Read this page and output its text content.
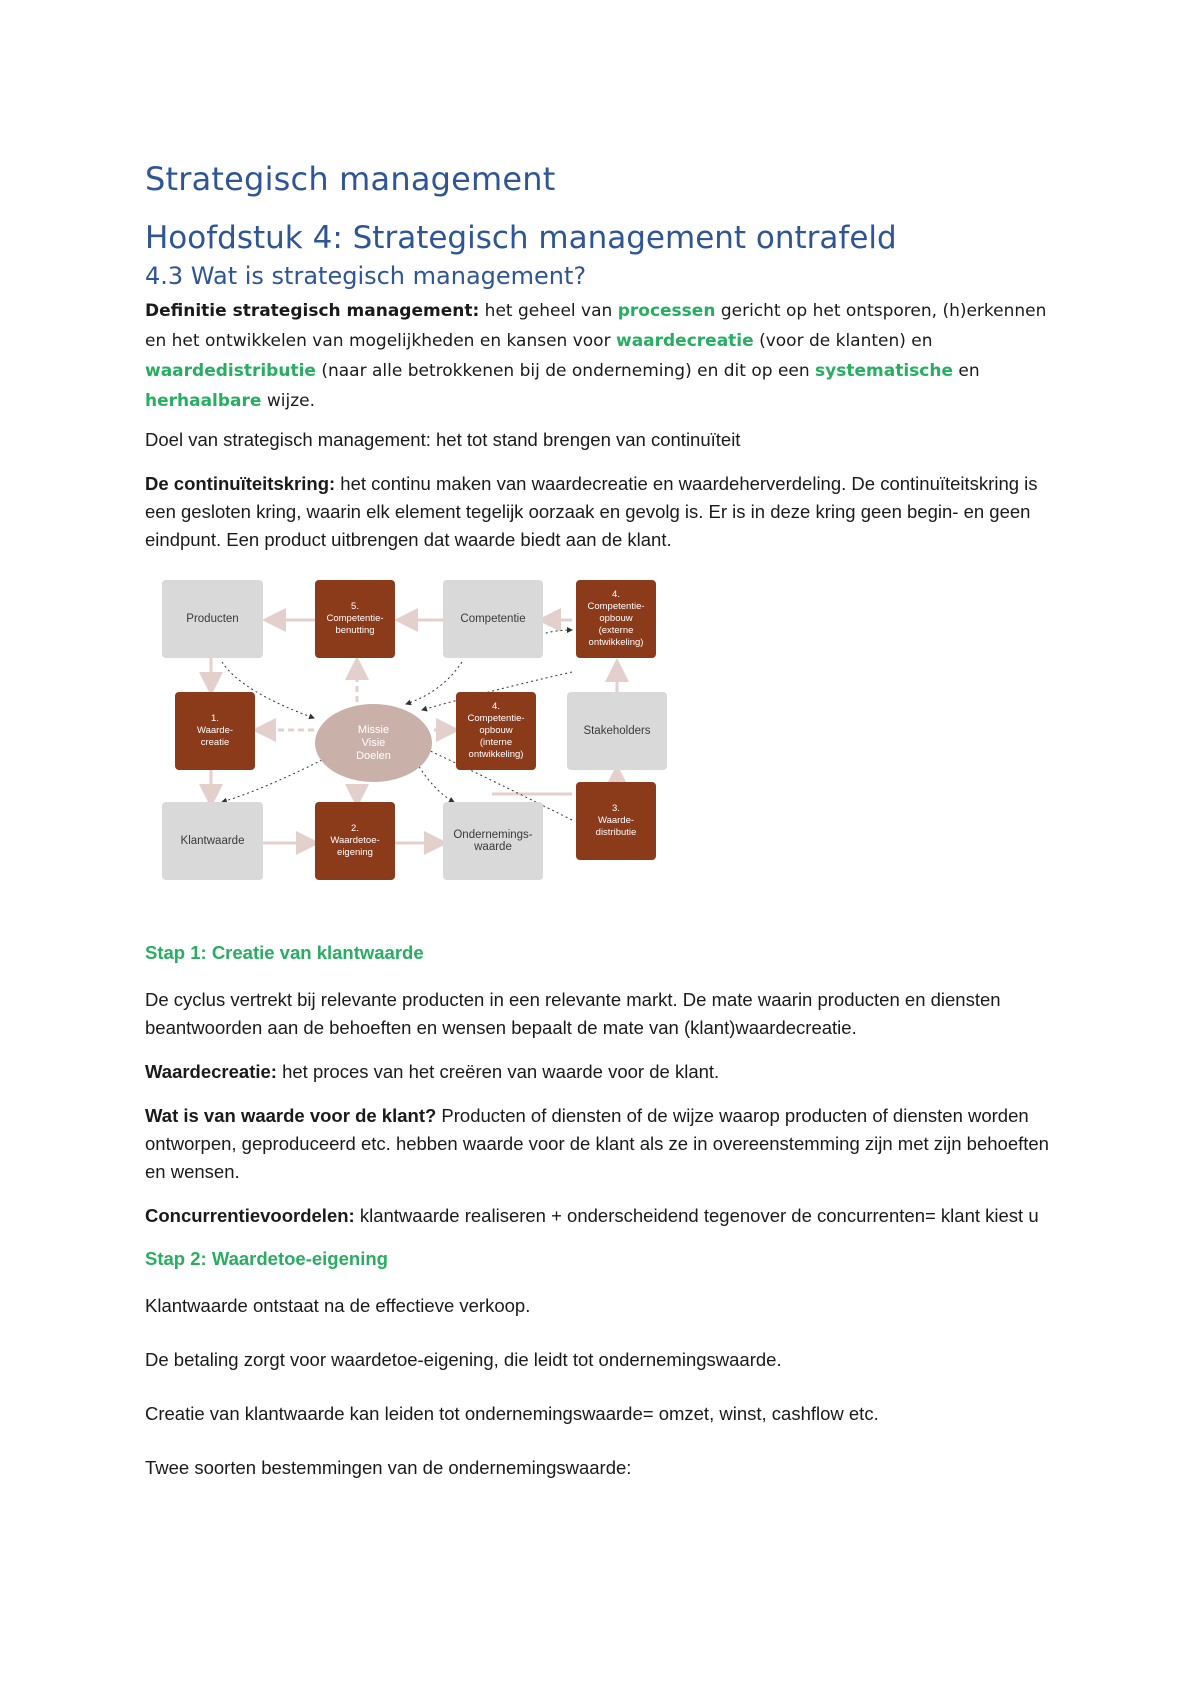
Strategisch management
Hoofdstuk 4: Strategisch management ontrafeld
4.3 Wat is strategisch management?

Definitie strategisch management: het geheel van processen gericht op het ontsporen, (h)erkennen en het ontwikkelen van mogelijkheden en kansen voor waardecreatie (voor de klanten) en waardedistributie (naar alle betrokkenen bij de onderneming) en dit op een systematische en herhaalbare wijze.

Doel van strategisch management: het tot stand brengen van continuïteit

De continuïteitskring: het continu maken van waardecreatie en waardeherverdeling. De continuïteitskring is een gesloten kring, waarin elk element tegelijk oorzaak en gevolg is. Er is in deze kring geen begin- en geen eindpunt. Een product uitbrengen dat waarde biedt aan de klant.

Producten	Competentie
Stakeholders
Klantwaarde	Ondernemings-
waarde
5.
Competentie-
benutting
4.
Competentie-
opbouw
(externe
ontwikkeling)
1.
Waarde-
creatie
4.
Competentie-
opbouw
(interne
ontwikkeling)
2.
Waardetoe-
eigening
3.
Waarde-
distributie
Missie
Visie
Doelen

Stap 1: Creatie van klantwaarde

De cyclus vertrekt bij relevante producten in een relevante markt. De mate waarin producten en diensten beantwoorden aan de behoeften en wensen bepaalt de mate van (klant)waardecreatie.

Waardecreatie: het proces van het creëren van waarde voor de klant.

Wat is van waarde voor de klant? Producten of diensten of de wijze waarop producten of diensten worden ontworpen, geproduceerd etc. hebben waarde voor de klant als ze in overeenstemming zijn met zijn behoeften en wensen.

Concurrentievoordelen: klantwaarde realiseren + onderscheidend tegenover de concurrenten= klant kiest u

Stap 2: Waardetoe-eigening

Klantwaarde ontstaat na de effectieve verkoop.

De betaling zorgt voor waardetoe-eigening, die leidt tot ondernemingswaarde.

Creatie van klantwaarde kan leiden tot ondernemingswaarde= omzet, winst, cashflow etc.

Twee soorten bestemmingen van de ondernemingswaarde:
